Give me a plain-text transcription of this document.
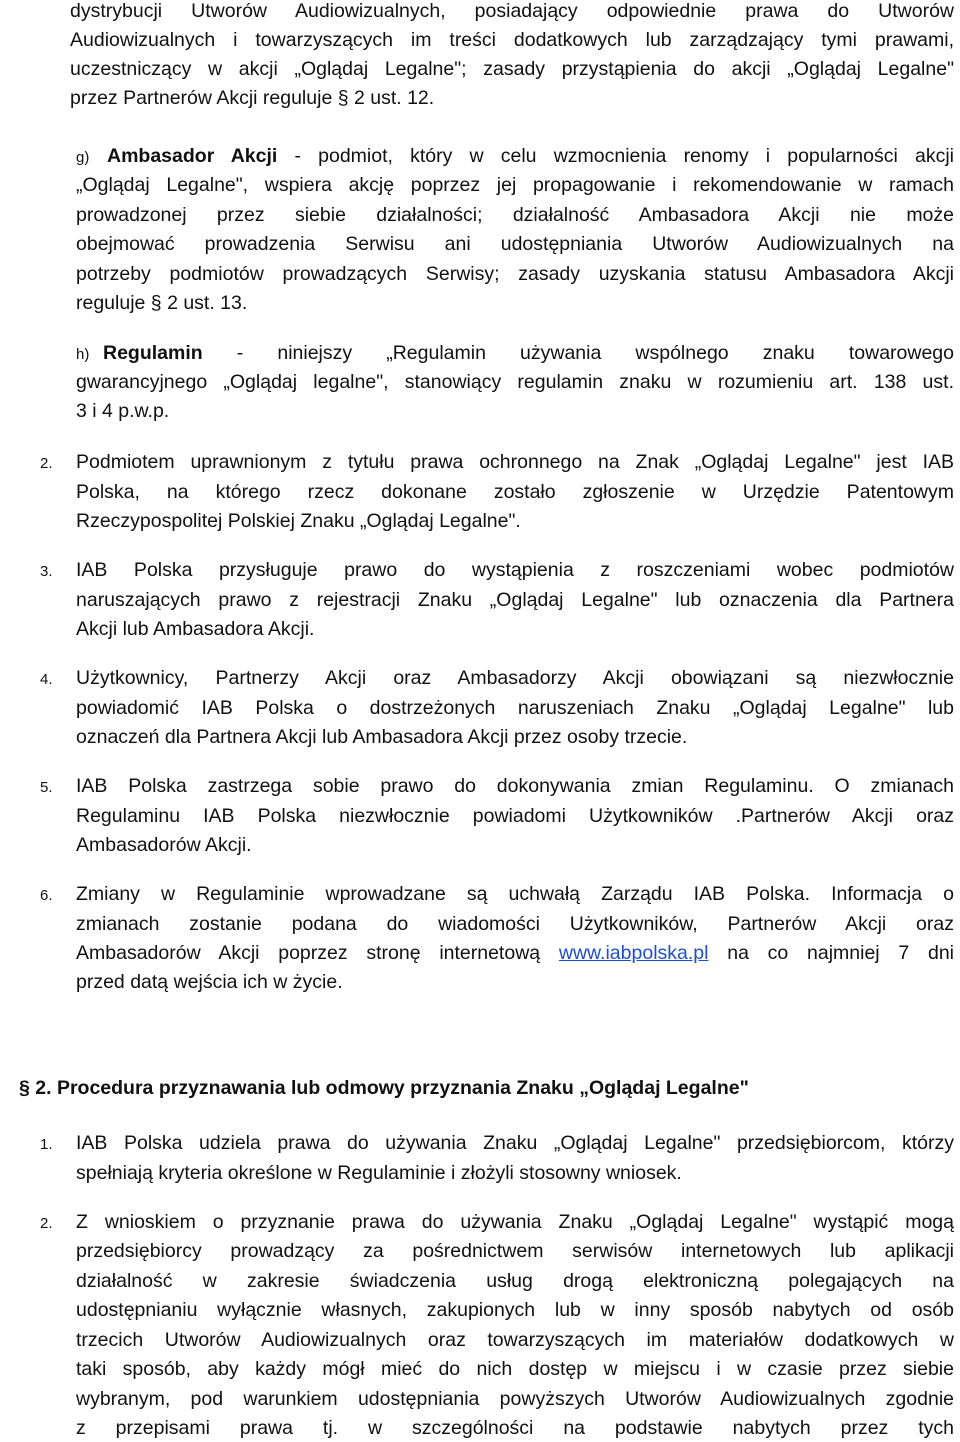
dystrybucji Utworów Audiowizualnych, posiadający odpowiednie prawa do Utworów
Audiowizualnych i towarzyszących im treści dodatkowych lub zarządzający tymi prawami,
uczestniczący w akcji „Oglądaj Legalne"; zasady przystąpienia do akcji „Oglądaj Legalne"
przez Partnerów Akcji reguluje § 2 ust. 12.
g) Ambasador Akcji - podmiot, który w celu wzmocnienia renomy i popularności akcji
„Oglądaj Legalne", wspiera akcję poprzez jej propagowanie i rekomendowanie w ramach
prowadzonej przez siebie działalności; działalność Ambasadora Akcji nie może
obejmować prowadzenia Serwisu ani udostępniania Utworów Audiowizualnych na
potrzeby podmiotów prowadzących Serwisy; zasady uzyskania statusu Ambasadora Akcji
reguluje § 2 ust. 13.
h) Regulamin - niniejszy „Regulamin używania wspólnego znaku towarowego
gwarancyjnego „Oglądaj legalne", stanowiący regulamin znaku w rozumieniu art. 138 ust.
3 i 4 p.w.p.
2. Podmiotem uprawnionym z tytułu prawa ochronnego na Znak „Oglądaj Legalne" jest IAB
Polska, na którego rzecz dokonane zostało zgłoszenie w Urzędzie Patentowym
Rzeczypospolitej Polskiej Znaku „Oglądaj Legalne".
3. IAB Polska przysługuje prawo do wystąpienia z roszczeniami wobec podmiotów
naruszających prawo z rejestracji Znaku „Oglądaj Legalne" lub oznaczenia dla Partnera
Akcji lub Ambasadora Akcji.
4. Użytkownicy, Partnerzy Akcji oraz Ambasadorzy Akcji obowiązani są niezwłocznie
powiadomić IAB Polska o dostrzeżonych naruszeniach Znaku „Oglądaj Legalne" lub
oznaczeń dla Partnera Akcji lub Ambasadora Akcji przez osoby trzecie.
5. IAB Polska zastrzega sobie prawo do dokonywania zmian Regulaminu. O zmianach
Regulaminu IAB Polska niezwłocznie powiadomi Użytkowników .Partnerów Akcji oraz
Ambasadorów Akcji.
6. Zmiany w Regulaminie wprowadzane są uchwałą Zarządu IAB Polska. Informacja o
zmianach zostanie podana do wiadomości Użytkowników, Partnerów Akcji oraz
Ambasadorów Akcji poprzez stronę internetową www.iabpolska.pl na co najmniej 7 dni
przed datą wejścia ich w życie.
§ 2. Procedura przyznawania lub odmowy przyznania Znaku „Oglądaj Legalne"
1. IAB Polska udziela prawa do używania Znaku „Oglądaj Legalne" przedsiębiorcom, którzy
spełniają kryteria określone w Regulaminie i złożyli stosowny wniosek.
2. Z wnioskiem o przyznanie prawa do używania Znaku „Oglądaj Legalne" wystąpić mogą
przedsiębiorcy prowadzący za pośrednictwem serwisów internetowych lub aplikacji
działalność w zakresie świadczenia usług drogą elektroniczną polegających na
udostępnianiu wyłącznie własnych, zakupionych lub w inny sposób nabytych od osób
trzecich Utworów Audiowizualnych oraz towarzyszących im materiałów dodatkowych w
taki sposób, aby każdy mógł mieć do nich dostęp w miejscu i w czasie przez siebie
wybranym, pod warunkiem udostępniania powyższych Utworów Audiowizualnych zgodnie
z przepisami prawa tj. w szczególności na podstawie nabytych przez tych
